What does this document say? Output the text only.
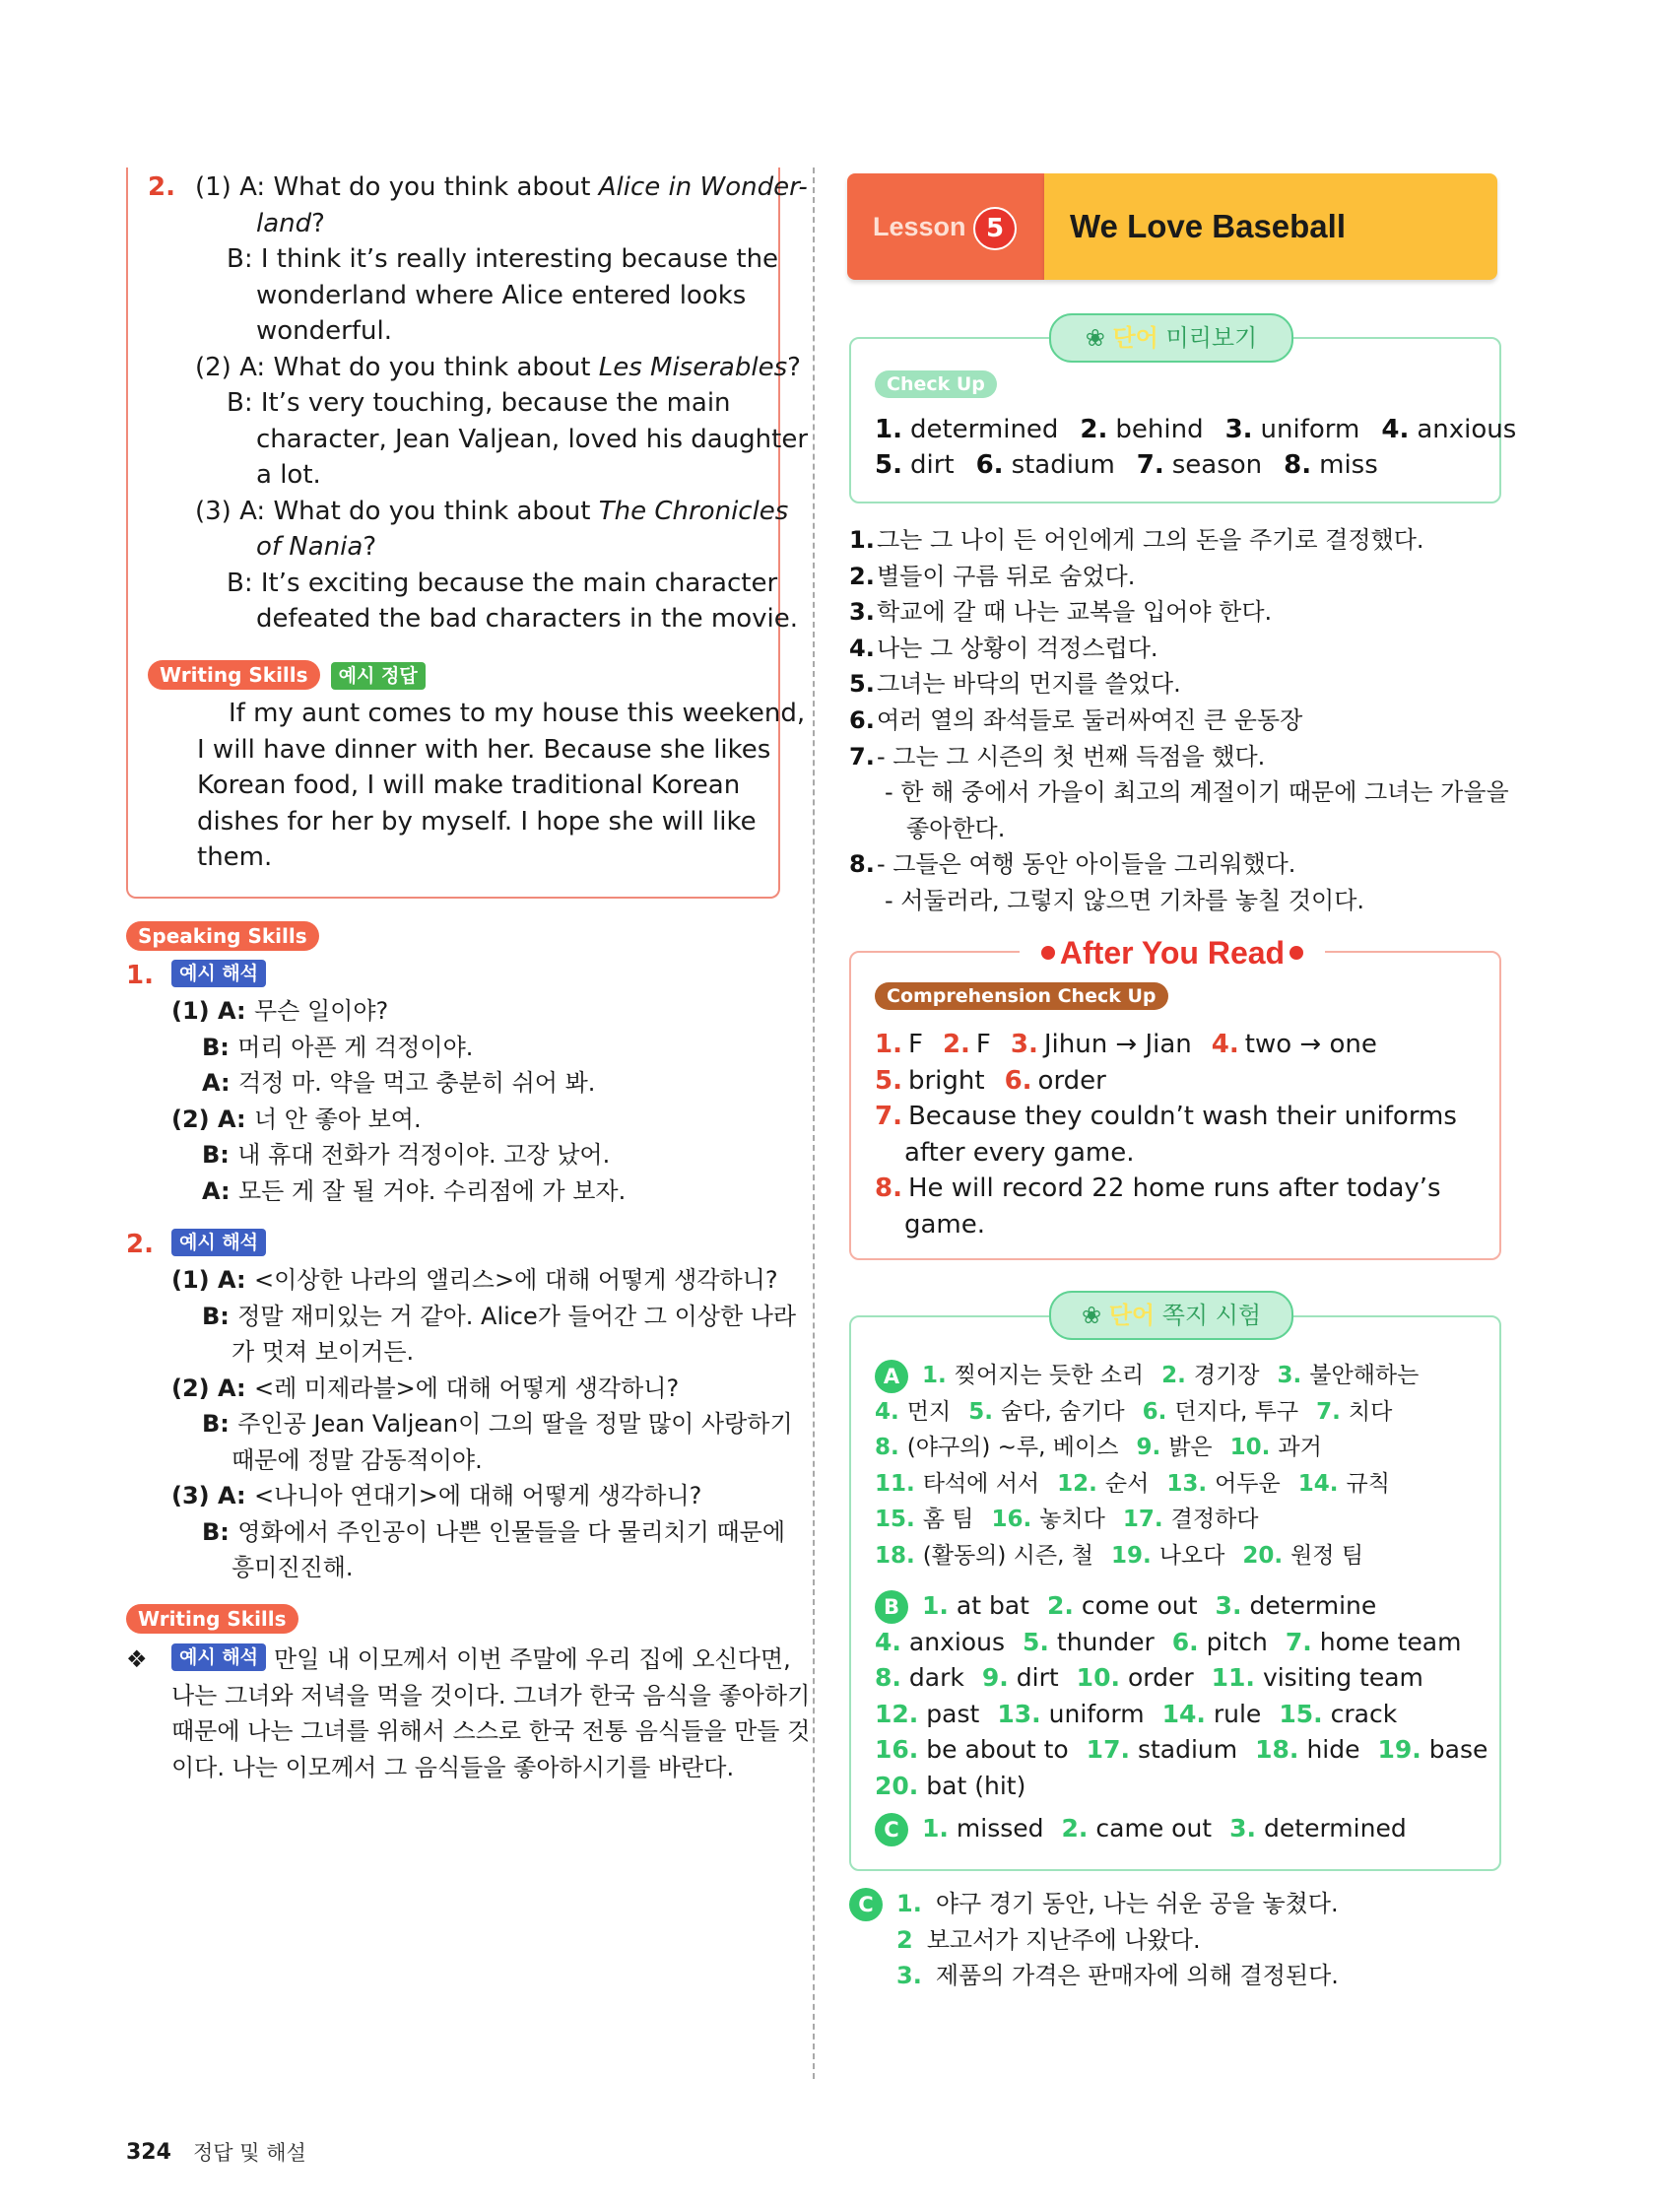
2. (1) A: What do you think about Alice in Wonder-
land?
B: I think it’s really interesting because the
wonderland where Alice entered looks
wonderful.
(2) A: What do you think about Les Miserables?
B: It’s very touching, because the main
character, Jean Valjean, loved his daughter
a lot.
(3) A: What do you think about The Chronicles
of Nania?
B: It’s exciting because the main character
defeated the bad characters in the movie.
Writing Skills 예시 정답
If my aunt comes to my house this weekend,
I will have dinner with her. Because she likes
Korean food, I will make traditional Korean
dishes for her by myself. I hope she will like
them.
Speaking Skills
1.	예시 해석
(1) A: 무슨 일이야?
B: 머리 아픈 게 걱정이야.
A: 걱정 마. 약을 먹고 충분히 쉬어 봐.
(2) A: 너 안 좋아 보여.
B: 내 휴대 전화가 걱정이야. 고장 났어.
A: 모든 게 잘 될 거야. 수리점에 가 보자.
2.	예시 해석
(1) A: <이상한 나라의 앨리스>에 대해 어떻게 생각하니?
B: 정말 재미있는 거 같아. Alice가 들어간 그 이상한 나라
가 멋져 보이거든.
(2) A: <레 미제라블>에 대해 어떻게 생각하니?
B: 주인공 Jean Valjean이 그의 딸을 정말 많이 사랑하기
때문에 정말 감동적이야.
(3) A: <나니아 연대기>에 대해 어떻게 생각하니?
B: 영화에서 주인공이 나쁜 인물들을 다 물리치기 때문에
흥미진진해.
Writing Skills
❖	예시 해석 만일 내 이모께서 이번 주말에 우리 집에 오신다면,
나는 그녀와 저녁을 먹을 것이다. 그녀가 한국 음식을 좋아하기
때문에 나는 그녀를 위해서 스스로 한국 전통 음식들을 만들 것
이다. 나는 이모께서 그 음식들을 좋아하시기를 바란다.
324 정답 및 해설
Lesson 5	We Love Baseball
❀ 단어 미리보기
Check Up
1. determined 2. behind 3. uniform 4. anxious
5. dirt 6. stadium 7. season 8. miss
1.그는 그 나이 든 어인에게 그의 돈을 주기로 결정했다.
2.별들이 구름 뒤로 숨었다.
3.학교에 갈 때 나는 교복을 입어야 한다.
4.나는 그 상황이 걱정스럽다.
5.그녀는 바닥의 먼지를 쓸었다.
6.여러 열의 좌석들로 둘러싸여진 큰 운동장
7.- 그는 그 시즌의 첫 번째 득점을 했다.
- 한 해 중에서 가을이 최고의 계절이기 때문에 그녀는 가을을
좋아한다.
8.- 그들은 여행 동안 아이들을 그리워했다.
- 서둘러라, 그렇지 않으면 기차를 놓칠 것이다.
After You Read
Comprehension Check Up
1. F 2. F 3. Jihun → Jian 4. two → one
5. bright 6. order
7. Because they couldn’t wash their uniforms
after every game.
8. He will record 22 home runs after today’s
game.
❀ 단어 쪽지 시험
A 1. 찢어지는 듯한 소리 2. 경기장 3. 불안해하는
4. 먼지 5. 숨다, 숨기다 6. 던지다, 투구 7. 치다
8. (야구의) ~루, 베이스 9. 밝은 10. 과거
11. 타석에 서서 12. 순서 13. 어두운 14. 규칙
15. 홈 팀 16. 놓치다 17. 결정하다
18. (활동의) 시즌, 철 19. 나오다 20. 원정 팀
B 1. at bat 2. come out 3. determine
4. anxious 5. thunder 6. pitch 7. home team
8. dark 9. dirt 10. order 11. visiting team
12. past 13. uniform 14. rule 15. crack
16. be about to 17. stadium 18. hide 19. base
20. bat (hit)
C 1. missed 2. came out 3. determined
C 1. 야구 경기 동안, 나는 쉬운 공을 놓쳤다.
2 보고서가 지난주에 나왔다.
3. 제품의 가격은 판매자에 의해 결정된다.
